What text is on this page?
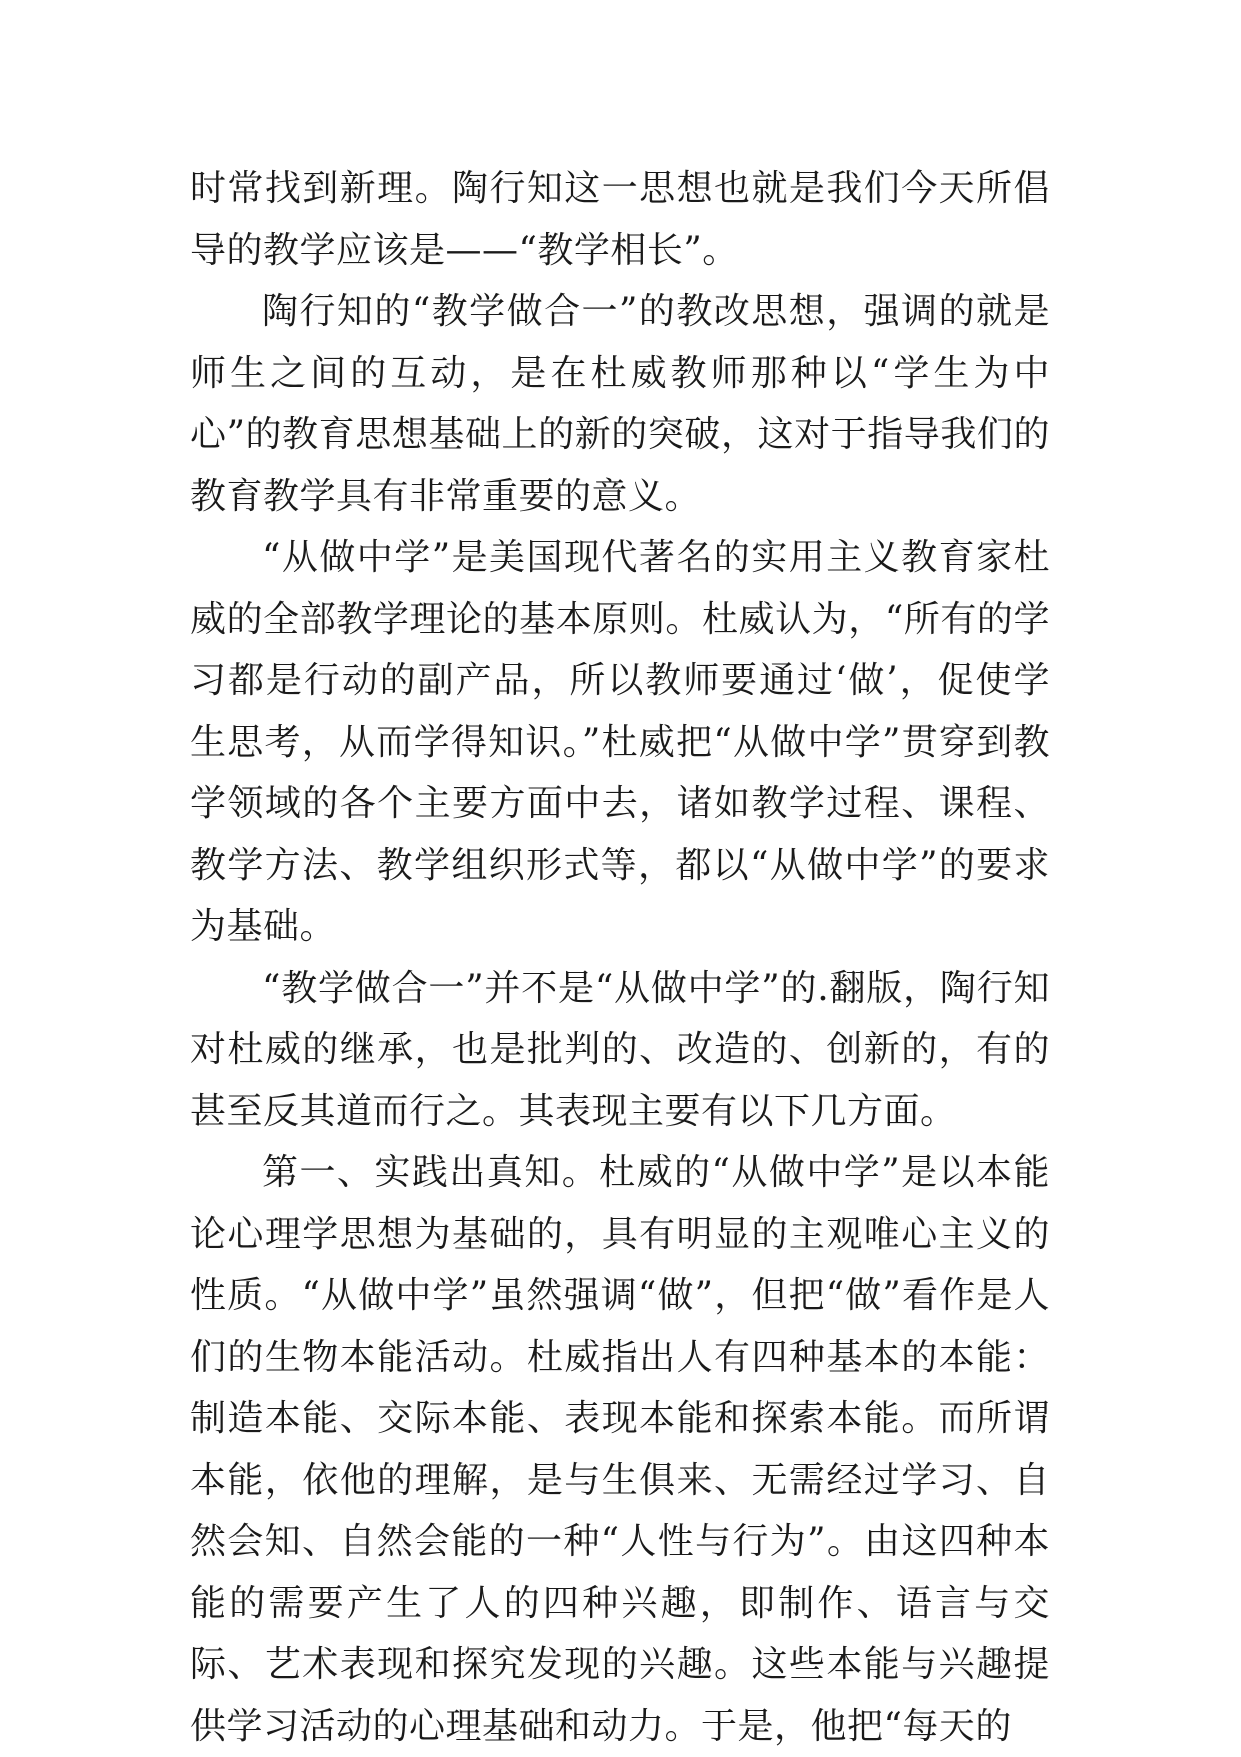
时常找到新理。陶行知这一思想也就是我们今天所倡导的教学应该是——“教学相长”。

陶行知的“教学做合一”的教改思想，强调的就是师生之间的互动，是在杜威教师那种以“学生为中心”的教育思想基础上的新的突破，这对于指导我们的教育教学具有非常重要的意义。

“从做中学”是美国现代著名的实用主义教育家杜威的全部教学理论的基本原则。杜威认为，“所有的学习都是行动的副产品，所以教师要通过‘做’，促使学生思考，从而学得知识。”杜威把“从做中学”贯穿到教学领域的各个主要方面中去，诸如教学过程、课程、教学方法、教学组织形式等，都以“从做中学”的要求为基础。

“教学做合一”并不是“从做中学”的.翻版，陶行知对杜威的继承，也是批判的、改造的、创新的，有的甚至反其道而行之。其表现主要有以下几方面。

第一、实践出真知。杜威的“从做中学”是以本能论心理学思想为基础的，具有明显的主观唯心主义的性质。“从做中学”虽然强调“做”，但把“做”看作是人们的生物本能活动。杜威指出人有四种基本的本能：制造本能、交际本能、表现本能和探索本能。而所谓本能，依他的理解，是与生俱来、无需经过学习、自然会知、自然会能的一种“人性与行为”。由这四种本能的需要产生了人的四种兴趣，即制作、语言与交际、艺术表现和探究发现的兴趣。这些本能与兴趣提供学习活动的心理基础和动力。于是，他把“每天的
